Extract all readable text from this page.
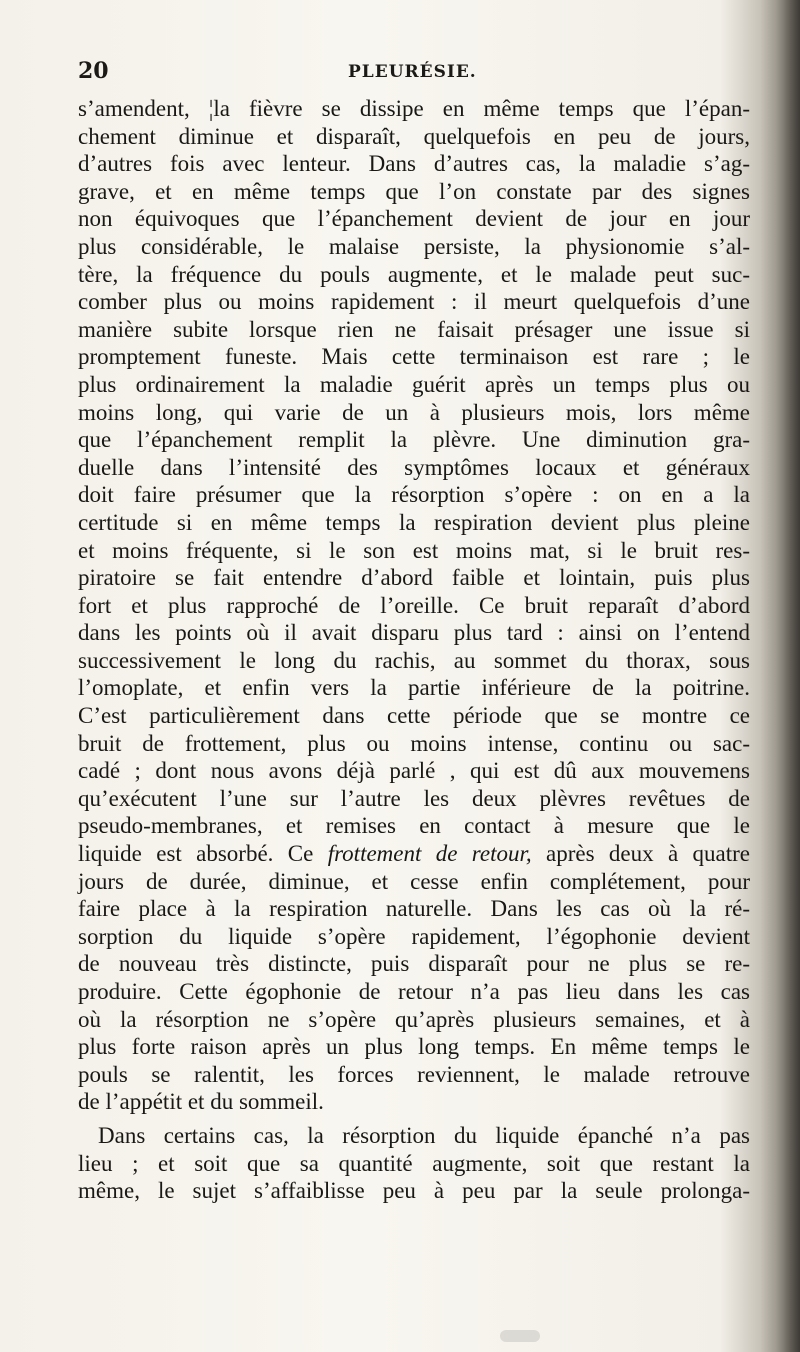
20	PLEURÉSIE.
s’amendent, ¦la fièvre se dissipe en même temps que l’épan-
chement diminue et disparaît, quelquefois en peu de jours,
d’autres fois avec lenteur. Dans d’autres cas, la maladie s’ag-
grave, et en même temps que l’on constate par des signes
non équivoques que l’épanchement devient de jour en jour
plus considérable, le malaise persiste, la physionomie s’al-
tère, la fréquence du pouls augmente, et le malade peut suc-
comber plus ou moins rapidement : il meurt quelquefois d’une
manière subite lorsque rien ne faisait présager une issue si
promptement funeste. Mais cette terminaison est rare ; le
plus ordinairement la maladie guérit après un temps plus ou
moins long, qui varie de un à plusieurs mois, lors même
que l’épanchement remplit la plèvre. Une diminution gra-
duelle dans l’intensité des symptômes locaux et généraux
doit faire présumer que la résorption s’opère : on en a la
certitude si en même temps la respiration devient plus pleine
et moins fréquente, si le son est moins mat, si le bruit res-
piratoire se fait entendre d’abord faible et lointain, puis plus
fort et plus rapproché de l’oreille. Ce bruit reparaît d’abord
dans les points où il avait disparu plus tard : ainsi on l’entend
successivement le long du rachis, au sommet du thorax, sous
l’omoplate, et enfin vers la partie inférieure de la poitrine.
C’est particulièrement dans cette période que se montre ce
bruit de frottement, plus ou moins intense, continu ou sac-
cadé ; dont nous avons déjà parlé , qui est dû aux mouvemens
qu’exécutent l’une sur l’autre les deux plèvres revêtues de
pseudo-membranes, et remises en contact à mesure que le
liquide est absorbé. Ce frottement de retour, après deux à quatre
jours de durée, diminue, et cesse enfin complétement, pour
faire place à la respiration naturelle. Dans les cas où la ré-
sorption du liquide s’opère rapidement, l’égophonie devient
de nouveau très distincte, puis disparaît pour ne plus se re-
produire. Cette égophonie de retour n’a pas lieu dans les cas
où la résorption ne s’opère qu’après plusieurs semaines, et à
plus forte raison après un plus long temps. En même temps le
pouls se ralentit, les forces reviennent, le malade retrouve
de l’appétit et du sommeil.
Dans certains cas, la résorption du liquide épanché n’a pas
lieu ; et soit que sa quantité augmente, soit que restant la
même, le sujet s’affaiblisse peu à peu par la seule prolonga-
